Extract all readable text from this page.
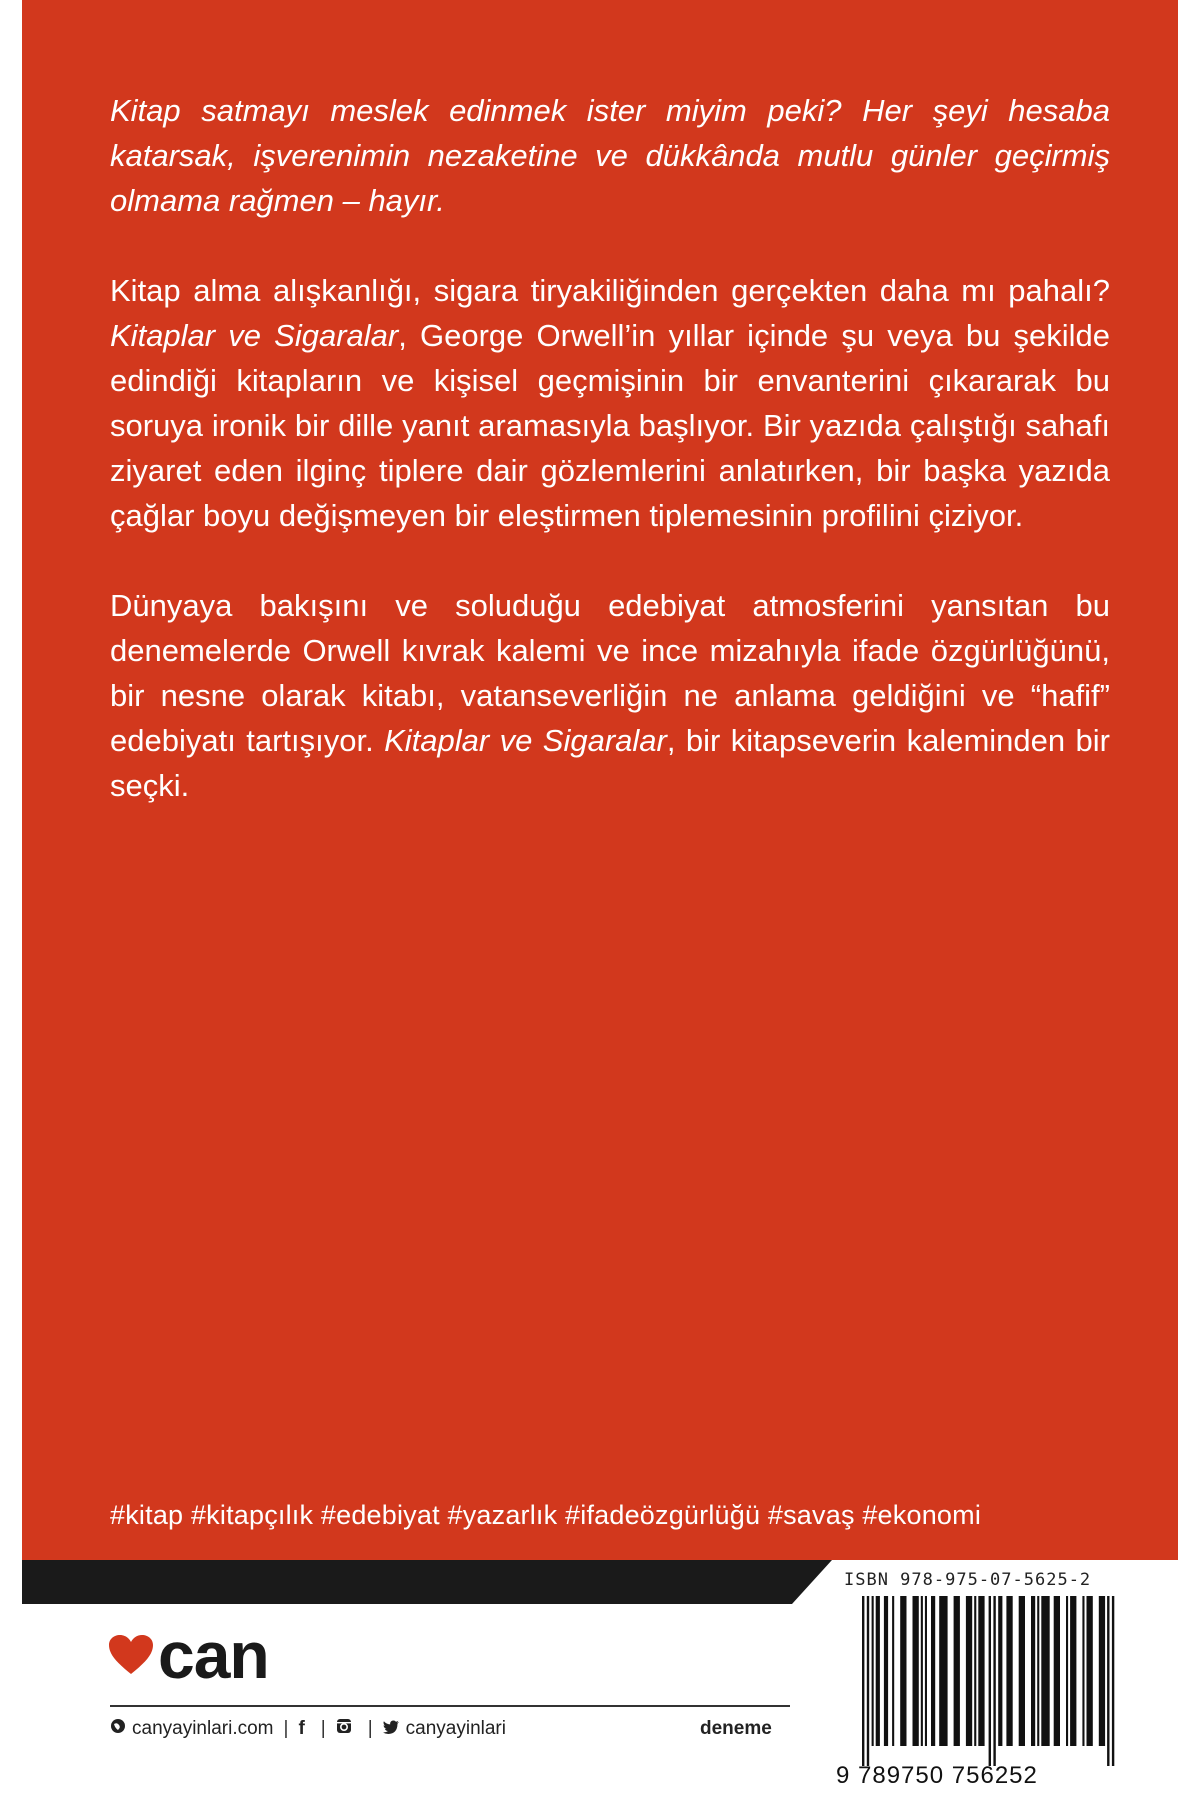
Kitap satmayı meslek edinmek ister miyim peki? Her şeyi hesaba katarsak, işverenimin nezaketine ve dükkânda mutlu günler geçirmiş olmama rağmen – hayır.

Kitap alma alışkanlığı, sigara tiryakiliğinden gerçekten daha mı pahalı? Kitaplar ve Sigaralar, George Orwell’in yıllar içinde şu veya bu şekilde edindiği kitapların ve kişisel geçmişinin bir envanterini çıkararak bu soruya ironik bir dille yanıt aramasıyla başlıyor. Bir yazıda çalıştığı sahafı ziyaret eden ilginç tiplere dair gözlemlerini anlatırken, bir başka yazıda çağlar boyu değişmeyen bir eleştirmen tiplemesinin profilini çiziyor.

Dünyaya bakışını ve soluduğu edebiyat atmosferini yansıtan bu denemelerde Orwell kıvrak kalemi ve ince mizahıyla ifade özgürlüğünü, bir nesne olarak kitabı, vatanseverliğin ne anlama geldiğini ve “hafif” edebiyatı tartışıyor. Kitaplar ve Sigaralar, bir kitapseverin kaleminden bir seçki.

#kitap #kitapçılık #edebiyat #yazarlık #ifadeözgürlüğü #savaş #ekonomi
ISBN 978-975-07-5625-2
9 789750 756252
can
canyayinlari.com | f | | canyayinlari	deneme
